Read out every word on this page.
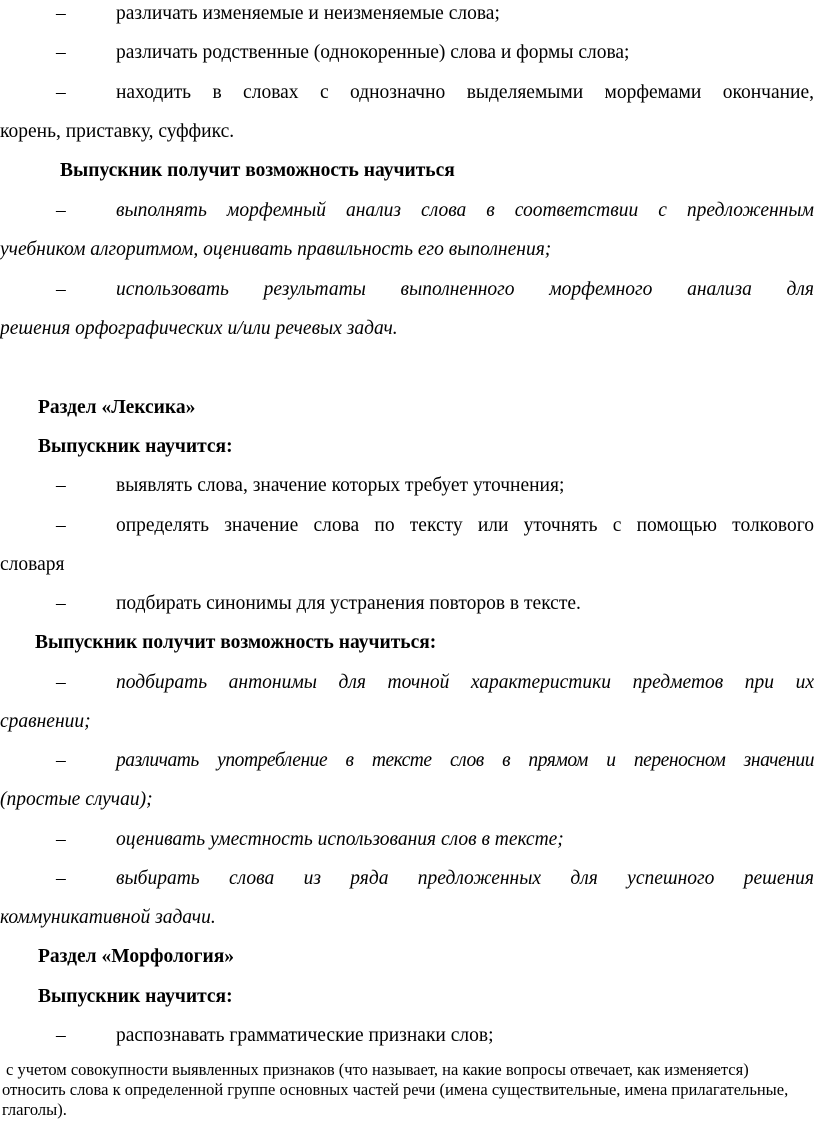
–	различать изменяемые и неизменяемые слова;
–	различать родственные (однокоренные) слова и формы слова;
–	находить в словах с однозначно выделяемыми морфемами окончание,
корень, приставку, суффикс.
Выпускник получит возможность научиться
–	выполнять морфемный анализ слова в соответствии с предложенным
учебником алгоритмом, оценивать правильность его выполнения;
–	использовать результаты выполненного морфемного анализа для
решения орфографических и/или речевых задач.
Раздел «Лексика»
Выпускник научится:
–	выявлять слова, значение которых требует уточнения;
–	определять значение слова по тексту или уточнять с помощью толкового
словаря
–	подбирать синонимы для устранения повторов в тексте.
Выпускник получит возможность научиться:
–	подбирать антонимы для точной характеристики предметов при их
сравнении;
–	различать употребление в тексте слов в прямом и переносном значении
(простые случаи);
–	оценивать уместность использования слов в тексте;
–	выбирать слова из ряда предложенных для успешного решения
коммуникативной задачи.
Раздел «Морфология»
Выпускник научится:
–	распознавать грамматические признаки слов;
с учетом совокупности выявленных признаков (что называет, на какие вопросы отвечает, как изменяется) относить слова к определенной группе основных частей речи (имена существительные, имена прилагательные, глаголы).
